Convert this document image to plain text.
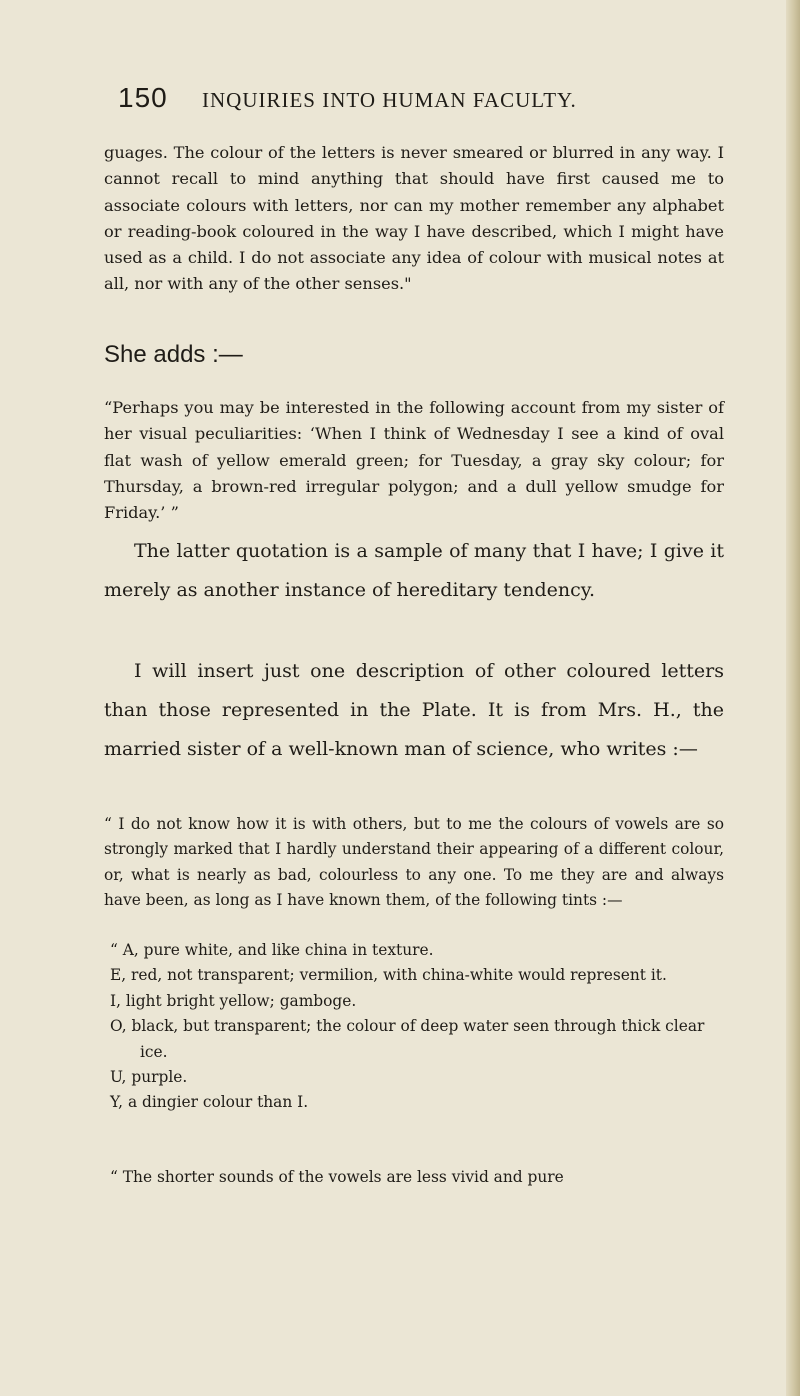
150 INQUIRIES INTO HUMAN FACULTY.

guages. The colour of the letters is never smeared or blurred in any way. I cannot recall to mind anything that should have first caused me to associate colours with letters, nor can my mother remember any alphabet or reading-book coloured in the way I have described, which I might have used as a child. I do not associate any idea of colour with musical notes at all, nor with any of the other senses."

She adds :—

“Perhaps you may be interested in the following account from my sister of her visual peculiarities: ‘When I think of Wednesday I see a kind of oval flat wash of yellow emerald green; for Tuesday, a gray sky colour; for Thursday, a brown-red irregular polygon; and a dull yellow smudge for Friday.’ ”

The latter quotation is a sample of many that I have; I give it merely as another instance of hereditary tendency.

I will insert just one description of other coloured letters than those represented in the Plate. It is from Mrs. H., the married sister of a well-known man of science, who writes :—

“ I do not know how it is with others, but to me the colours of vowels are so strongly marked that I hardly understand their appearing of a different colour, or, what is nearly as bad, colourless to any one. To me they are and always have been, as long as I have known them, of the following tints :—

“ A, pure white, and like china in texture.
E, red, not transparent; vermilion, with china-white would represent it.
I, light bright yellow; gamboge.
O, black, but transparent; the colour of deep water seen through thick clear ice.
U, purple.
Y, a dingier colour than I.

“ The shorter sounds of the vowels are less vivid and pure
